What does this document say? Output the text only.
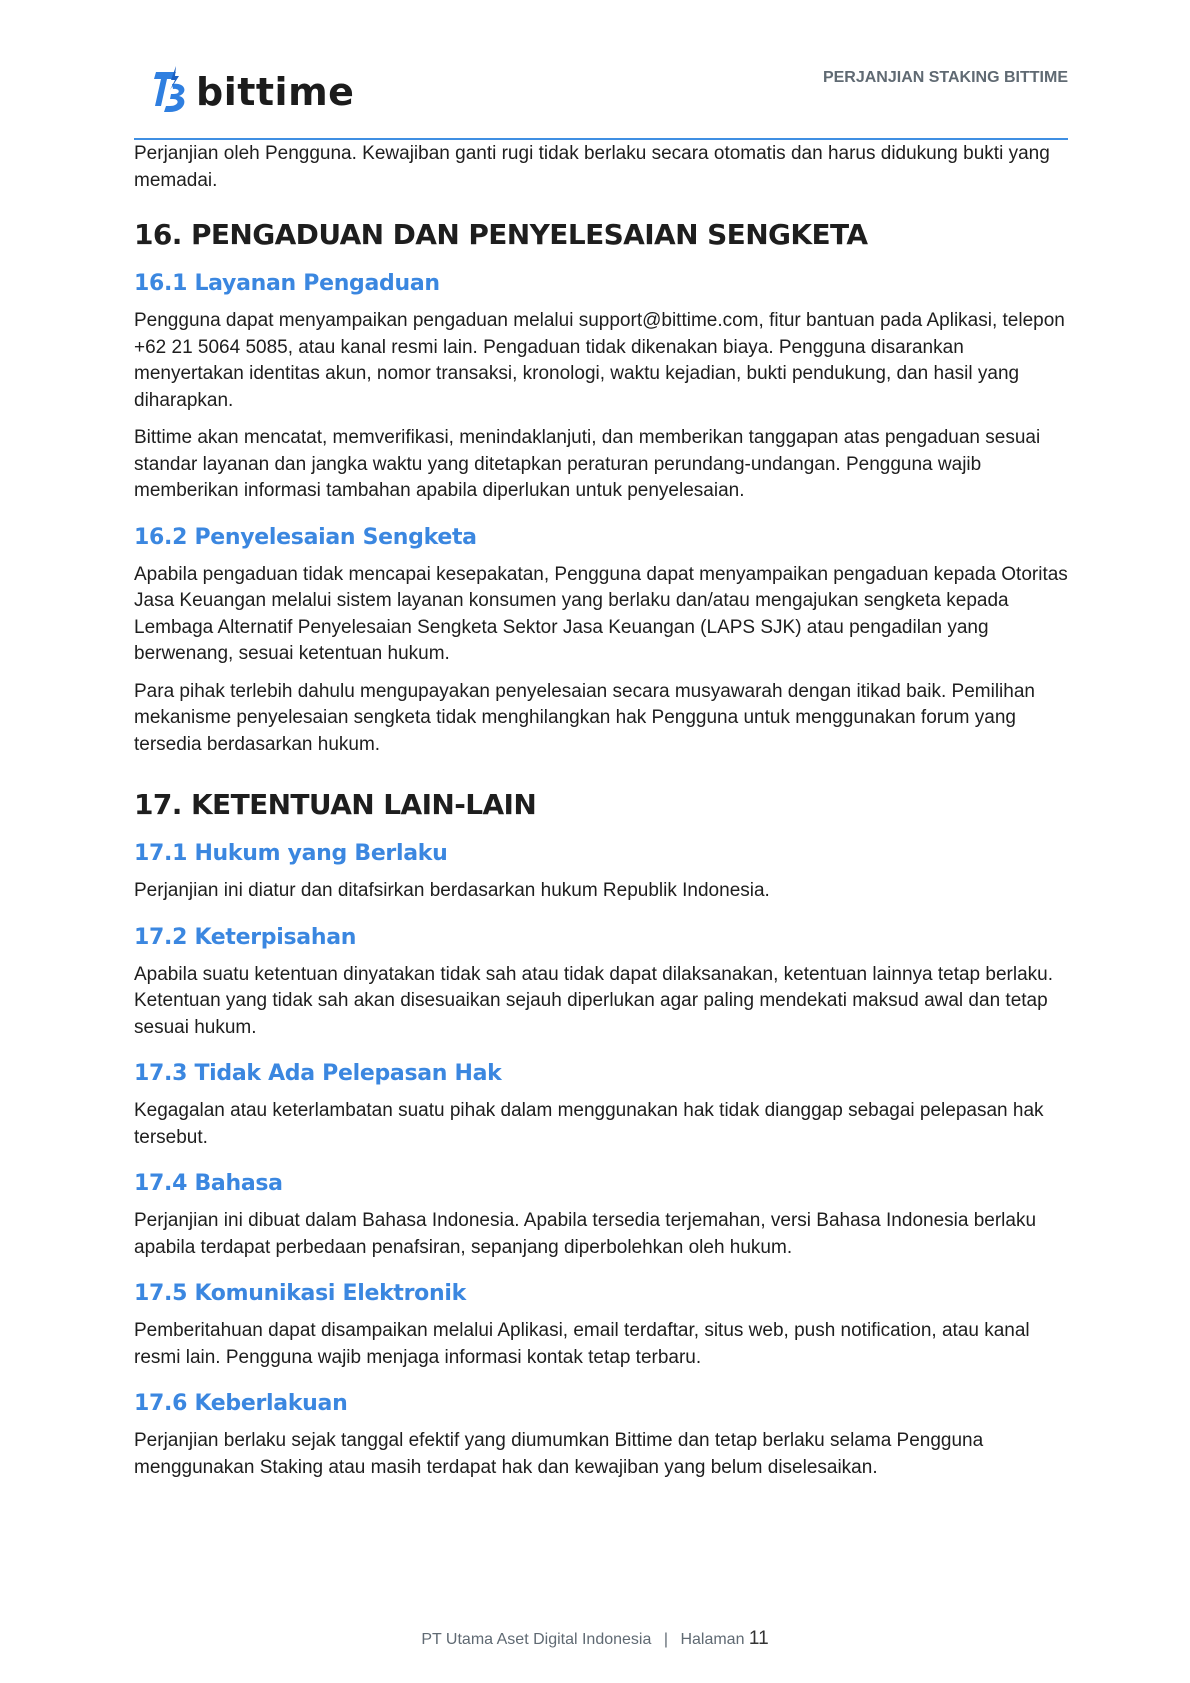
bittime	PERJANJIAN STAKING BITTIME

Perjanjian oleh Pengguna. Kewajiban ganti rugi tidak berlaku secara otomatis dan harus didukung bukti yang memadai.

16. PENGADUAN DAN PENYELESAIAN SENGKETA
16.1 Layanan Pengaduan

Pengguna dapat menyampaikan pengaduan melalui support@bittime.com, fitur bantuan pada Aplikasi, telepon +62 21 5064 5085, atau kanal resmi lain. Pengaduan tidak dikenakan biaya. Pengguna disarankan menyertakan identitas akun, nomor transaksi, kronologi, waktu kejadian, bukti pendukung, dan hasil yang diharapkan.

Bittime akan mencatat, memverifikasi, menindaklanjuti, dan memberikan tanggapan atas pengaduan sesuai standar layanan dan jangka waktu yang ditetapkan peraturan perundang-undangan. Pengguna wajib memberikan informasi tambahan apabila diperlukan untuk penyelesaian.

16.2 Penyelesaian Sengketa

Apabila pengaduan tidak mencapai kesepakatan, Pengguna dapat menyampaikan pengaduan kepada Otoritas Jasa Keuangan melalui sistem layanan konsumen yang berlaku dan/atau mengajukan sengketa kepada Lembaga Alternatif Penyelesaian Sengketa Sektor Jasa Keuangan (LAPS SJK) atau pengadilan yang berwenang, sesuai ketentuan hukum.

Para pihak terlebih dahulu mengupayakan penyelesaian secara musyawarah dengan itikad baik. Pemilihan mekanisme penyelesaian sengketa tidak menghilangkan hak Pengguna untuk menggunakan forum yang tersedia berdasarkan hukum.

17. KETENTUAN LAIN-LAIN
17.1 Hukum yang Berlaku

Perjanjian ini diatur dan ditafsirkan berdasarkan hukum Republik Indonesia.

17.2 Keterpisahan

Apabila suatu ketentuan dinyatakan tidak sah atau tidak dapat dilaksanakan, ketentuan lainnya tetap berlaku. Ketentuan yang tidak sah akan disesuaikan sejauh diperlukan agar paling mendekati maksud awal dan tetap sesuai hukum.

17.3 Tidak Ada Pelepasan Hak

Kegagalan atau keterlambatan suatu pihak dalam menggunakan hak tidak dianggap sebagai pelepasan hak tersebut.

17.4 Bahasa

Perjanjian ini dibuat dalam Bahasa Indonesia. Apabila tersedia terjemahan, versi Bahasa Indonesia berlaku apabila terdapat perbedaan penafsiran, sepanjang diperbolehkan oleh hukum.

17.5 Komunikasi Elektronik

Pemberitahuan dapat disampaikan melalui Aplikasi, email terdaftar, situs web, push notification, atau kanal resmi lain. Pengguna wajib menjaga informasi kontak tetap terbaru.

17.6 Keberlakuan

Perjanjian berlaku sejak tanggal efektif yang diumumkan Bittime dan tetap berlaku selama Pengguna menggunakan Staking atau masih terdapat hak dan kewajiban yang belum diselesaikan.

PT Utama Aset Digital Indonesia | Halaman 11
